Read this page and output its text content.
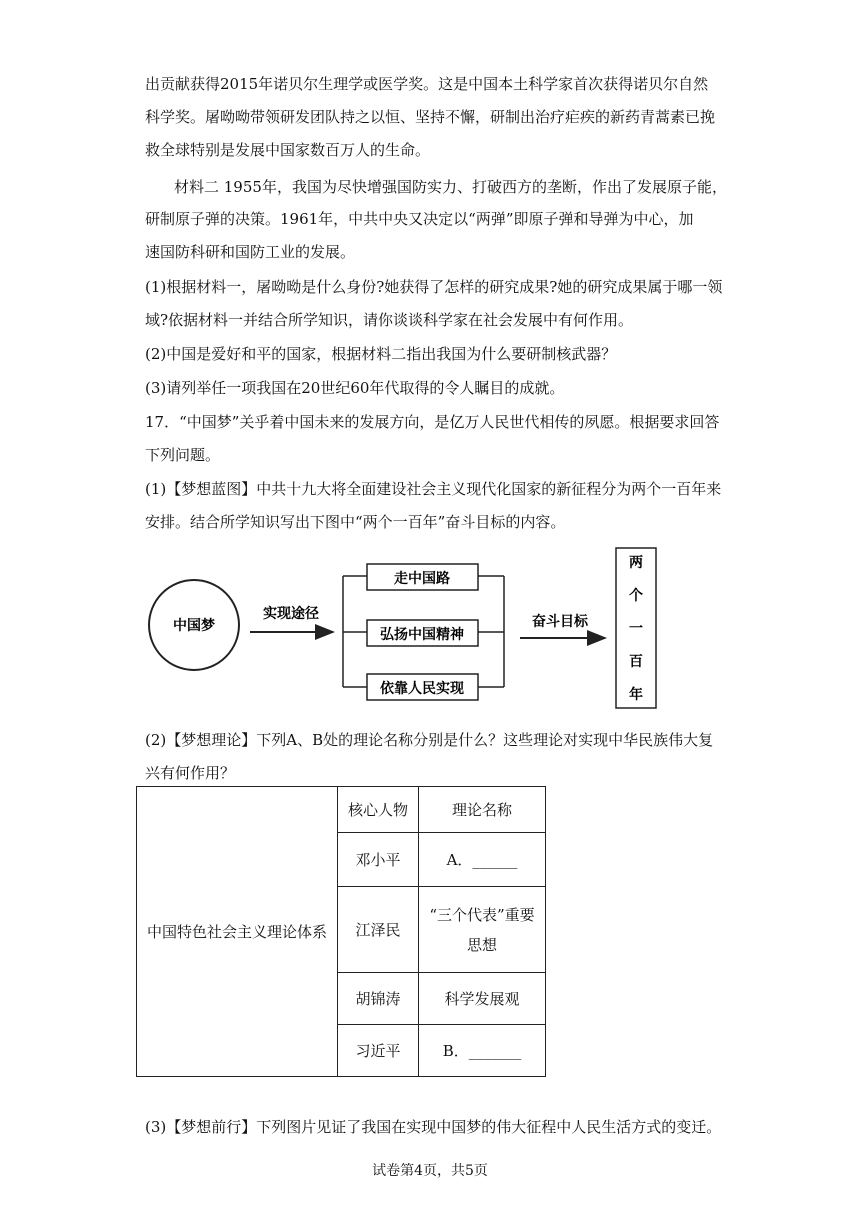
出贡献获得2015年诺贝尔生理学或医学奖。这是中国本土科学家首次获得诺贝尔自然
科学奖。屠呦呦带领研发团队持之以恒、坚持不懈，研制出治疗疟疾的新药青蒿素已挽
救全球特别是发展中国家数百万人的生命。
材料二 1955年，我国为尽快增强国防实力、打破西方的垄断，作出了发展原子能，
研制原子弹的决策。1961年，中共中央又决定以“两弹”即原子弹和导弹为中心，加
速国防科研和国防工业的发展。
(1)根据材料一，屠呦呦是什么身份?她获得了怎样的研究成果?她的研究成果属于哪一领
域?依据材料一并结合所学知识，请你谈谈科学家在社会发展中有何作用。
(2)中国是爱好和平的国家，根据材料二指出我国为什么要研制核武器？
(3)请列举任一项我国在20世纪60年代取得的令人瞩目的成就。
17．“中国梦”关乎着中国未来的发展方向，是亿万人民世代相传的夙愿。根据要求回答
下列问题。
(1)【梦想蓝图】中共十九大将全面建设社会主义现代化国家的新征程分为两个一百年来
安排。结合所学知识写出下图中“两个一百年”奋斗目标的内容。
中国梦
实现途径
走中国路
弘扬中国精神
依靠人民实现
奋斗目标
两
个
一
百
年
(2)【梦想理论】下列A、B处的理论名称分别是什么？这些理论对实现中华民族伟大复
兴有何作用？
中国特色社会主义理论体系	核心人物	理论名称
	邓小平	A．______
	江泽民	“三个代表”重要
思想

	胡锦涛	科学发展观
	习近平	B．_______
(3)【梦想前行】下列图片见证了我国在实现中国梦的伟大征程中人民生活方式的变迁。
试卷第4页，共5页
